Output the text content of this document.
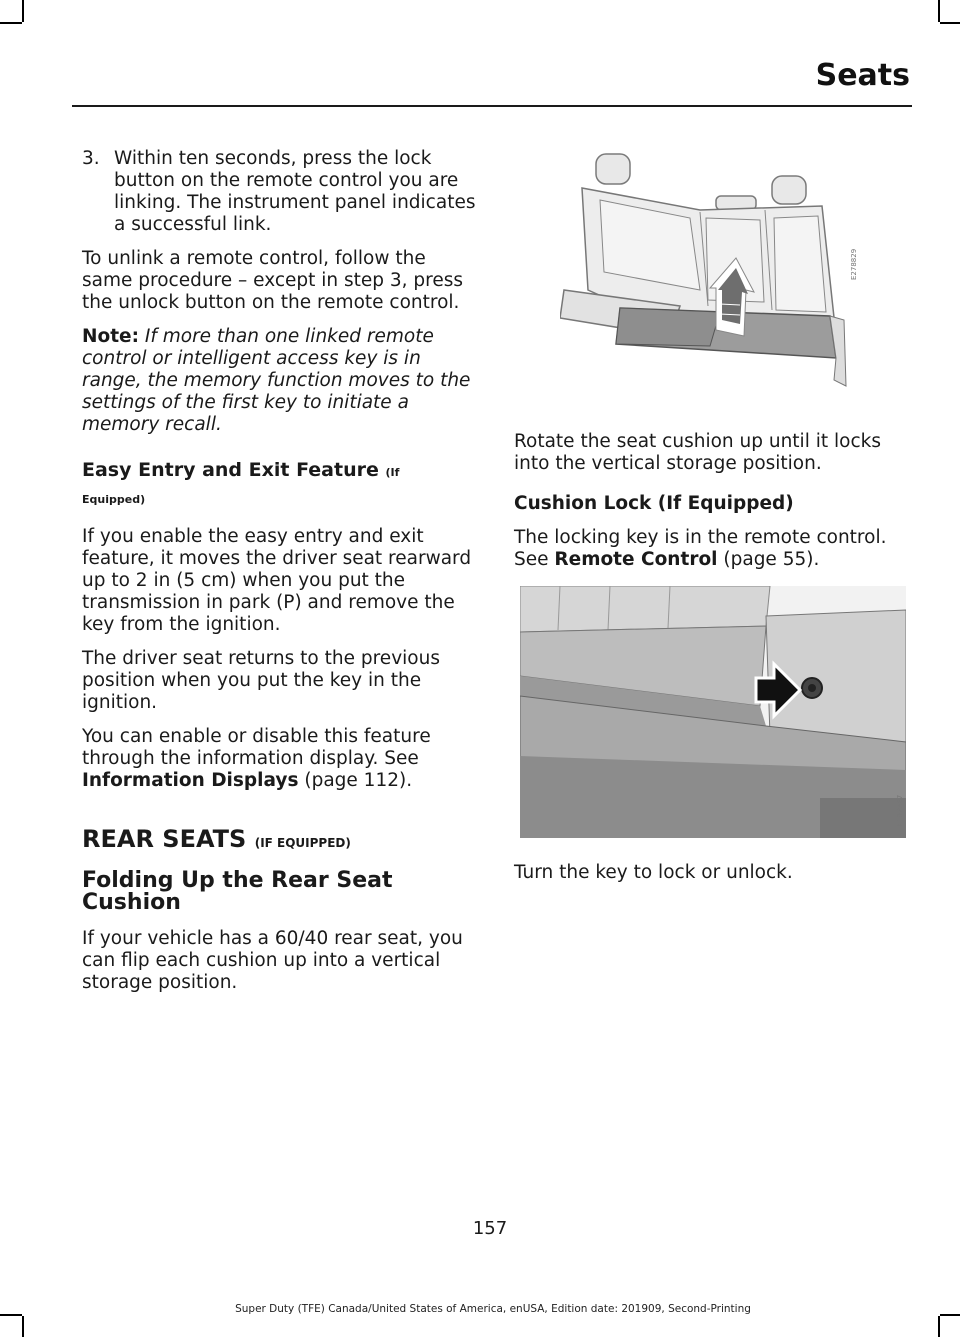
Seats
3. Within ten seconds, press the lock button on the remote control you are linking. The instrument panel indicates a successful link.

To unlink a remote control, follow the same procedure – except in step 3, press the unlock button on the remote control.

Note: If more than one linked remote control or intelligent access key is in range, the memory function moves to the settings of the first key to initiate a memory recall.

Easy Entry and Exit Feature (If
Equipped)

If you enable the easy entry and exit feature, it moves the driver seat rearward up to 2 in (5 cm) when you put the transmission in park (P) and remove the key from the ignition.

The driver seat returns to the previous position when you put the key in the ignition.

You can enable or disable this feature through the information display. See Information Displays (page 112).

REAR SEATS (IF EQUIPPED)
Folding Up the Rear Seat Cushion

If your vehicle has a 60/40 rear seat, you can flip each cushion up into a vertical storage position.

E278829

Rotate the seat cushion up until it locks into the vertical storage position.

Cushion Lock (If Equipped)

The locking key is in the remote control. See Remote Control (page 55).

E192367
Turn the key to lock or unlock.
157
Super Duty (TFE) Canada/United States of America, enUSA, Edition date: 201909, Second-Printing
